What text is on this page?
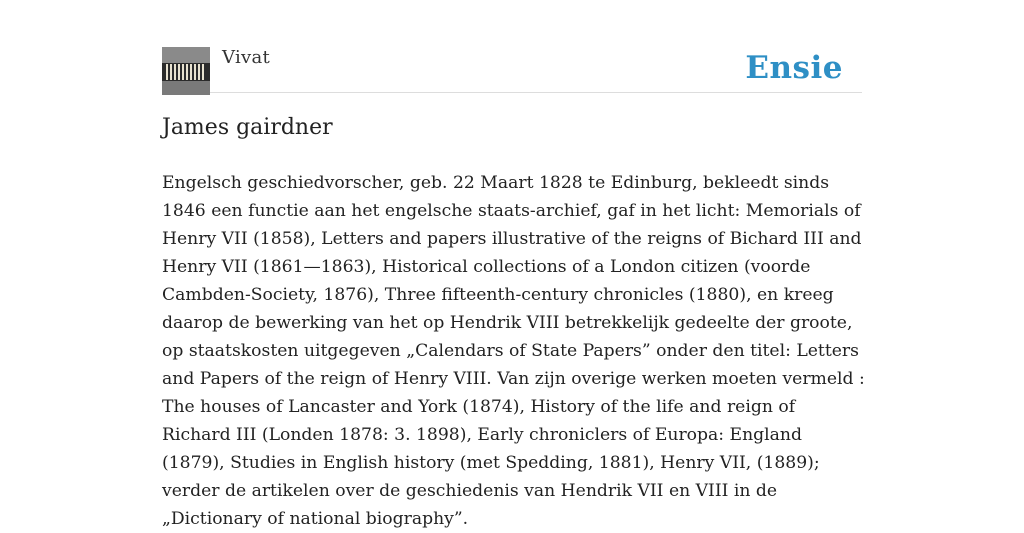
Vivat	Ensie
James gairdner

Engelsch geschiedvorscher, geb. 22 Maart 1828 te Edinburg, bekleedt sinds 1846 een functie aan het engelsche staats-archief, gaf in het licht: Memorials of Henry VII (1858), Letters and papers illustrative of the reigns of Bichard III and Henry VII (1861—1863), Historical collections of a London citizen (voorde Cambden-Society, 1876), Three fifteenth-century chronicles (1880), en kreeg daarop de bewerking van het op Hendrik VIII betrekkelijk gedeelte der groote, op staatskosten uitgegeven „Calendars of State Papers” onder den titel: Letters and Papers of the reign of Henry VIII. Van zijn overige werken moeten vermeld : The houses of Lancaster and York (1874), History of the life and reign of Richard III (Londen 1878: 3. 1898), Early chroniclers of Europa: England (1879), Studies in English history (met Spedding, 1881), Henry VII, (1889); verder de artikelen over de geschiedenis van Hendrik VII en VIII in de „Dictionary of national biography”.
